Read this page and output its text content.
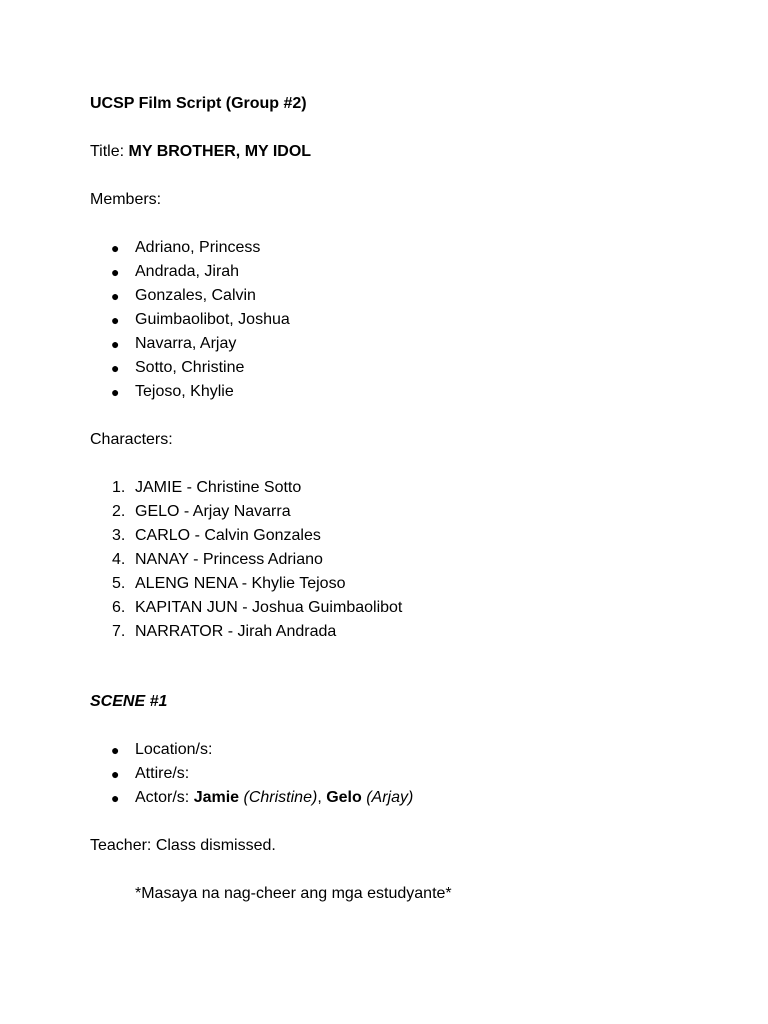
UCSP Film Script (Group #2)

Title: MY BROTHER, MY IDOL

Members:

● Adriano, Princess
● Andrada, Jirah
● Gonzales, Calvin
● Guimbaolibot, Joshua
● Navarra, Arjay
● Sotto, Christine
● Tejoso, Khylie

Characters:

1. JAMIE - Christine Sotto
2. GELO - Arjay Navarra
3. CARLO - Calvin Gonzales
4. NANAY - Princess Adriano
5. ALENG NENA - Khylie Tejoso
6. KAPITAN JUN - Joshua Guimbaolibot
7. NARRATOR - Jirah Andrada

SCENE #1

● Location/s:
● Attire/s:
● Actor/s: Jamie (Christine), Gelo (Arjay)

Teacher: Class dismissed.

*Masaya na nag-cheer ang mga estudyante*
